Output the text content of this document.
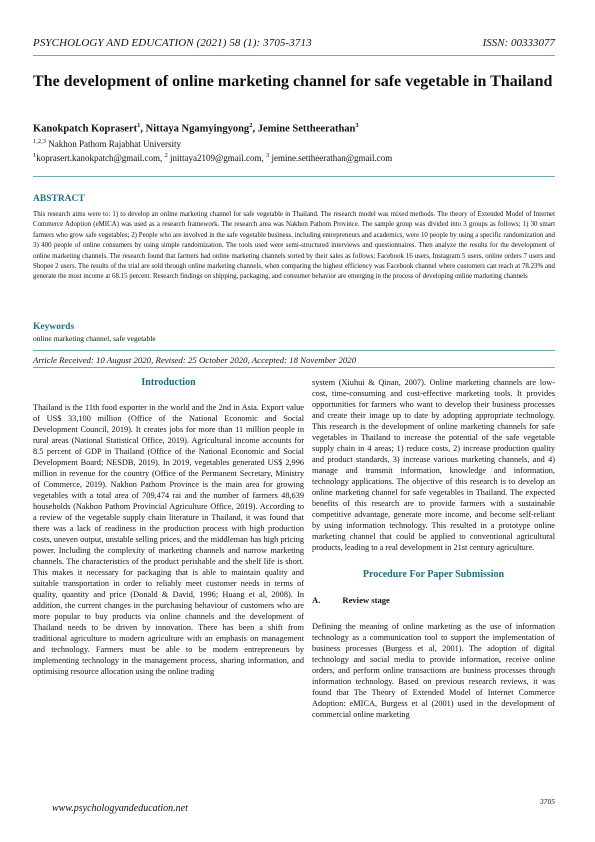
PSYCHOLOGY AND EDUCATION (2021) 58 (1): 3705-3713	ISSN: 00333077
The development of online marketing channel for safe vegetable in Thailand
Kanokpatch Koprasert$^1$, Nittaya Ngamyingyong$^2$, Jemine Settheerathan$^3$
$^{1,2,3}$ Nakhon Pathom Rajabhat University
$^1$koprasert.kanokpatch@gmail.com, $^2$ jnittaya2109@gmail.com, $^3$ jemine.settheerathan@gmail.com
ABSTRACT
This research aims were to: 1) to develop an online marketing channel for safe vegetable in Thailand. The research model was mixed methods. The theory of Extended Model of Internet Commerce Adoption (eMICA) was used as a research framework. The research area was Nakhon Pathom Province. The sample group was divided into 3 groups as follows; 1) 30 smart farmers who grow safe vegetables; 2) People who are involved in the safe vegetable business, including entrepreneurs and academics, were 10 people by using a specific randomization and 3) 400 people of online consumers by using simple randomization. The tools used were semi-structured interviews and questionnaires. Then analyze the results for the development of online marketing channels. The research found that farmers had online marketing channels sorted by their sales as follows; Facebook 16 users, Instagram 5 users, online orders 7 users and Shopee 2 users. The results of the trial are sold through online marketing channels, when comparing the highest efficiency was Facebook channel where customers can reach at 78.23% and generate the most income at 68.15 percent. Research findings on shipping, packaging, and consumer behavior are emerging in the process of developing online marketing channels
Keywords
online marketing channel, safe vegetable
Article Received: 10 August 2020, Revised: 25 October 2020, Accepted: 18 November 2020
Introduction
Thailand is the 11th food exporter in the world and the 2nd in Asia. Export value of US$ 33,100 million (Office of the National Economic and Social Development Council, 2019). It creates jobs for more than 11 million people in rural areas (National Statistical Office, 2019). Agricultural income accounts for 8.5 percent of GDP in Thailand (Office of the National Economic and Social Development Board; NESDB, 2019). In 2019, vegetables generated US$ 2,996 million in revenue for the country (Office of the Permanent Secretary, Ministry of Commerce, 2019). Nakhon Pathom Province is the main area for growing vegetables with a total area of 709,474 rai and the number of farmers 48,639 households (Nakhon Pathom Provincial Agriculture Office, 2019). According to a review of the vegetable supply chain literature in Thailand, it was found that there was a lack of readiness in the production process with high production costs, uneven output, unstable selling prices, and the middleman has high pricing power. Including the complexity of marketing channels and narrow marketing channels. The characteristics of the product perishable and the shelf life is short. This makes it necessary for packaging that is able to maintain quality and suitable transportation in order to reliably meet customer needs in terms of quality, quantity and price (Donald & David, 1996; Huang et al, 2008). In addition, the current changes in the purchasing behaviour of customers who are more popular to buy products via online channels and the development of Thailand needs to be driven by innovation. There has been a shift from traditional agriculture to modern agriculture with an emphasis on management and technology. Farmers must be able to be modern entrepreneurs by implementing technology in the management process, sharing information, and optimising resource allocation using the online trading
system (Xiuhui & Qinan, 2007). Online marketing channels are low-cost, time-consuming and cost-effective marketing tools. It provides opportunities for farmers who want to develop their business processes and create their image up to date by adopting appropriate technology. This research is the development of online marketing channels for safe vegetables in Thailand to increase the potential of the safe vegetable supply chain in 4 areas; 1) reduce costs, 2) increase production quality and product standards, 3) increase various marketing channels, and 4) manage and transmit information, knowledge and information, technology applications. The objective of this research is to develop an online marketing channel for safe vegetables in Thailand. The expected benefits of this research are to provide farmers with a sustainable competitive advantage, generate more income, and become self-reliant by using information technology. This resulted in a prototype online marketing channel that could be applied to conventional agricultural products, leading to a real development in 21st century agriculture.
Procedure For Paper Submission
A.	Review stage
Defining the meaning of online marketing as the use of information technology as a communication tool to support the implementation of business processes (Burgess et al, 2001). The adoption of digital technology and social media to provide information, receive online orders, and perform online transactions are business processes through information technology. Based on previous research reviews, it was found that The Theory of Extended Model of Internet Commerce Adoption: eMICA, Burgess et al (2001) used in the development of commercial online marketing
www.psychologyandeducation.net
3705
